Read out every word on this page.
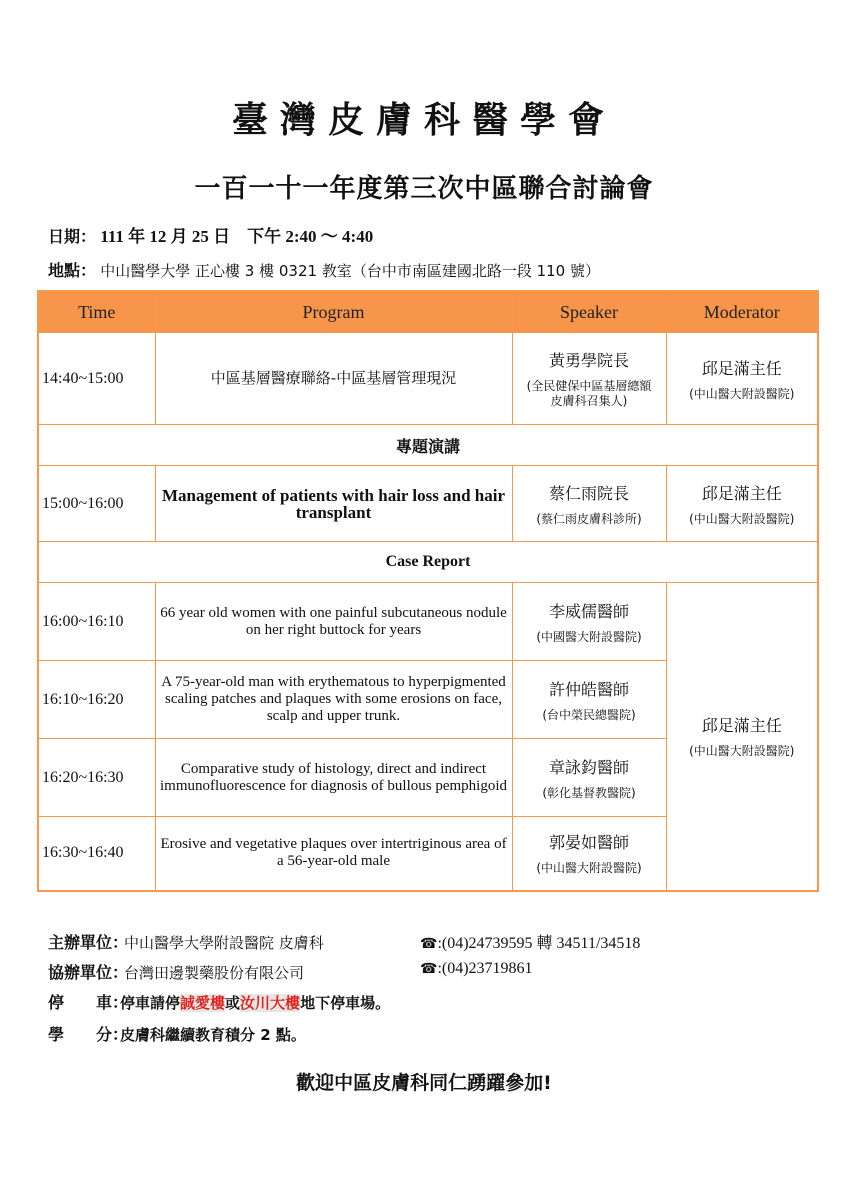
臺灣皮膚科醫學會
一百一十一年度第三次中區聯合討論會
日期： 111 年 12 月 25 日　下午 2:40 ～ 4:40
地點： 中山醫學大學 正心樓 3 樓 0321 教室（台中市南區建國北路一段 110 號）
Time	Program	Speaker	Moderator
14:40~15:00	中區基層醫療聯絡-中區基層管理現況	黃勇學院長
(全民健保中區基層總額皮膚科召集人)	邱足滿主任
(中山醫大附設醫院)

專題演講			
15:00~16:00	Management of patients with hair loss and hair transplant	蔡仁雨院長
(蔡仁雨皮膚科診所)	邱足滿主任
(中山醫大附設醫院)

Case Report			
16:00~16:10	66 year old women with one painful subcutaneous nodule on her right buttock for years	李威儒醫師
(中國醫大附設醫院)	邱足滿主任
(中山醫大附設醫院)

16:10~16:20	A 75-year-old man with erythematous to hyperpigmented scaling patches and plaques with some erosions on face, scalp and upper trunk.	許仲皓醫師
(台中榮民總醫院)	

16:20~16:30	Comparative study of histology, direct and indirect immunofluorescence for diagnosis of bullous pemphigoid	章詠鈞醫師
(彰化基督教醫院)	

16:30~16:40	Erosive and vegetative plaques over intertriginous area of a 56-year-old male	郭晏如醫師
(中山醫大附設醫院)	
主辦單位： 中山醫學大學附設醫院 皮膚科	☎:(04)24739595 轉 34511/34518
協辦單位： 台灣田邊製藥股份有限公司	☎:(04)23719861
停　　車：停車請停誠愛樓或汝川大樓地下停車場。
學　　分：皮膚科繼續教育積分 2 點。
歡迎中區皮膚科同仁踴躍參加!
